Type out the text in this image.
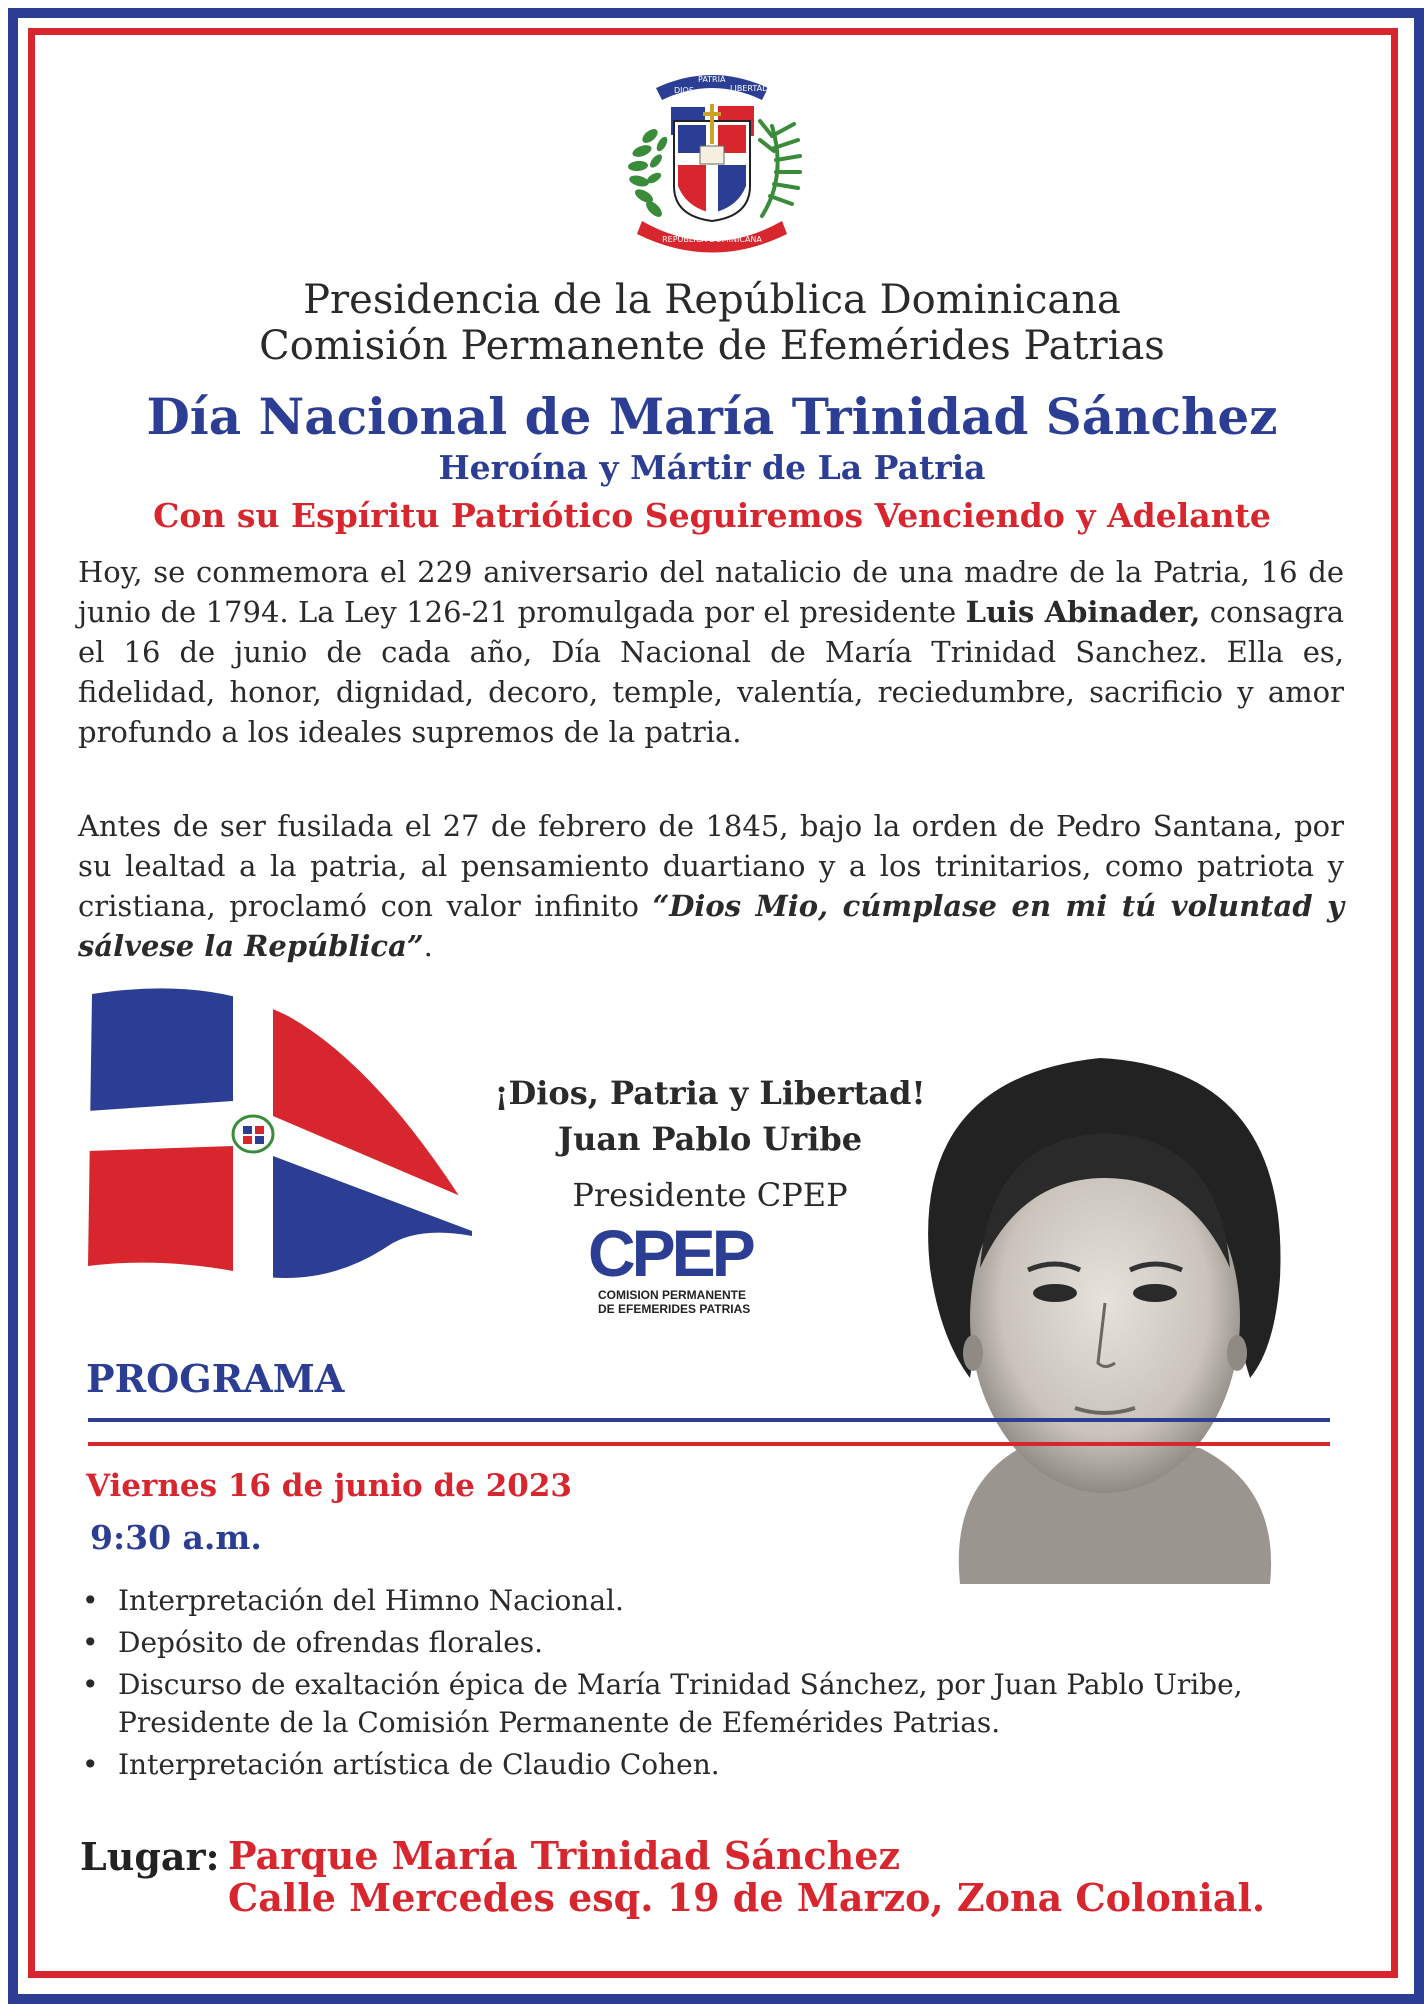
DIOS
PATRIA
LIBERTAD
REPÚBLICA DOMINICANA
Presidencia de la República Dominicana
Comisión Permanente de Efemérides Patrias
Día Nacional de María Trinidad Sánchez
Heroína y Mártir de La Patria
Con su Espíritu Patriótico Seguiremos Venciendo y Adelante
Hoy, se conmemora el 229 aniversario del natalicio de una madre de la Patria, 16 de junio de 1794. La Ley 126-21 promulgada por el presidente Luis Abinader, consagra el 16 de junio de cada año, Día Nacional de María Trinidad Sanchez. Ella es, fidelidad, honor, dignidad, decoro, temple, valentía, reciedumbre, sacrificio y amor profundo a los ideales supremos de la patria.
Antes de ser fusilada el 27 de febrero de 1845, bajo la orden de Pedro Santana, por su lealtad a la patria, al pensamiento duartiano y a los trinitarios, como patriota y cristiana, proclamó con valor infinito “Dios Mio, cúmplase en mi tú voluntad y sálvese la República”.
¡Dios, Patria y Libertad!
Juan Pablo Uribe
Presidente CPEP
CPEP
COMISION PERMANENTE
DE EFEMERIDES PATRIAS
PROGRAMA
Viernes 16 de junio de 2023
9:30 a.m.
• Interpretación del Himno Nacional.
• Depósito de ofrendas florales.
• Discurso de exaltación épica de María Trinidad Sánchez, por Juan Pablo Uribe, Presidente de la Comisión Permanente de Efemérides Patrias.
• Interpretación artística de Claudio Cohen.
Lugar: Parque María Trinidad Sánchez
Calle Mercedes esq. 19 de Marzo, Zona Colonial.
